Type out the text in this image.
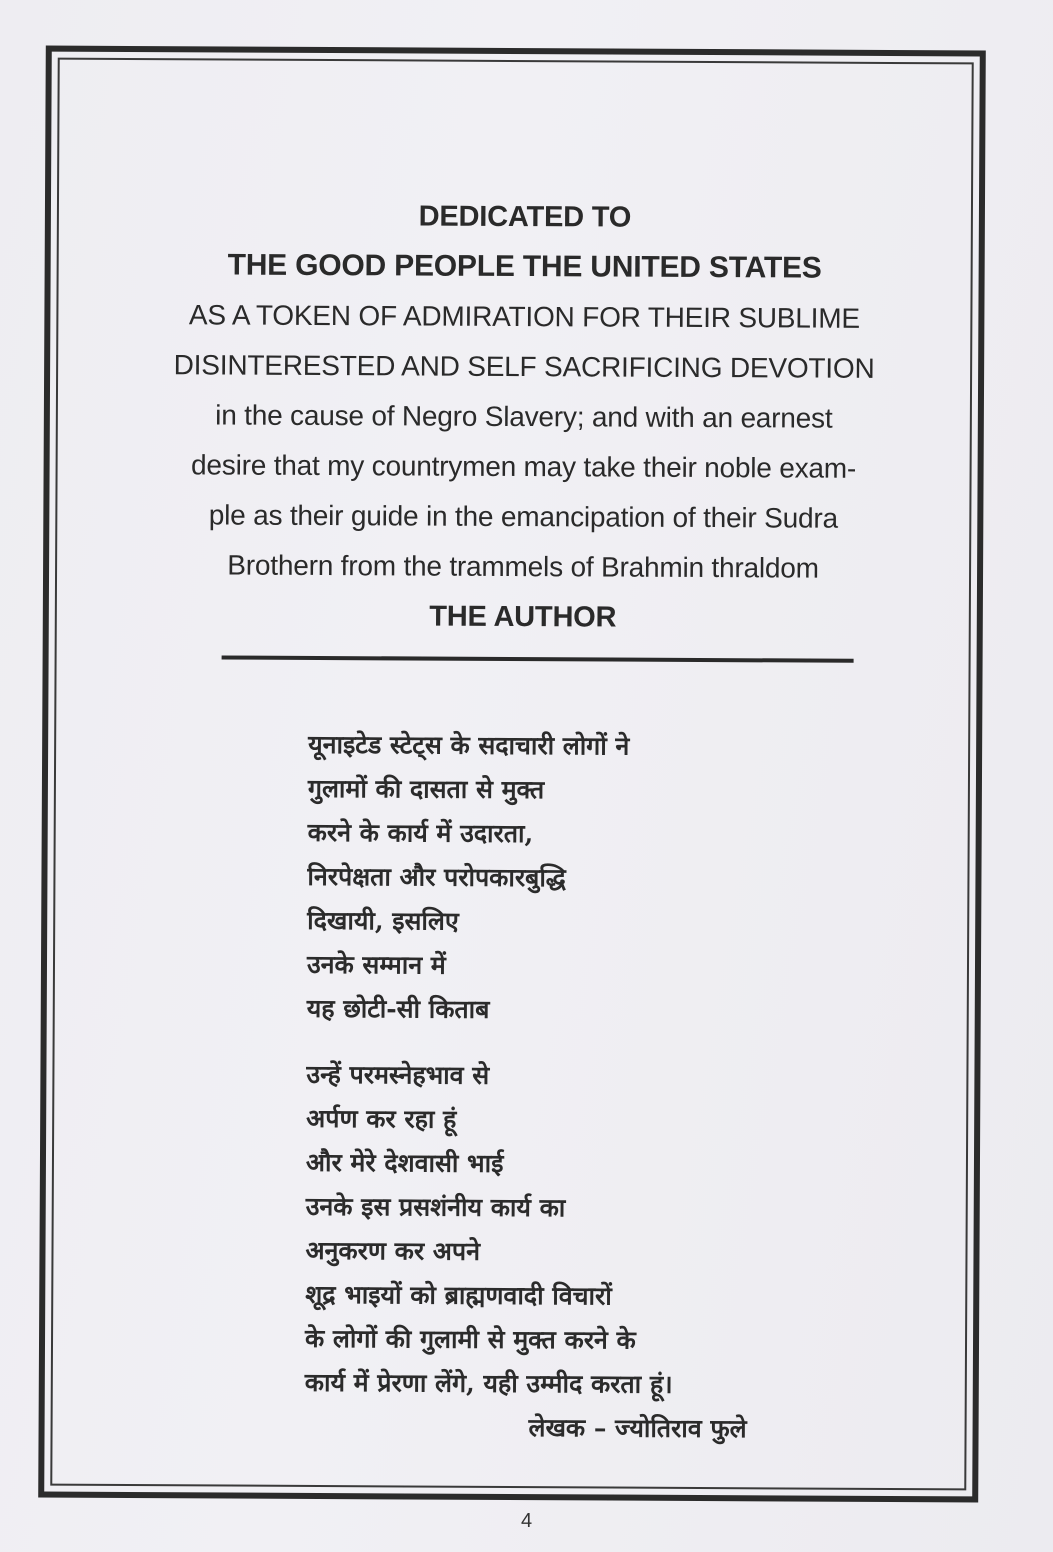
DEDICATED TO
THE GOOD PEOPLE THE UNITED STATES
AS A TOKEN OF ADMIRATION FOR THEIR SUBLIME
DISINTERESTED AND SELF SACRIFICING DEVOTION
in the cause of Negro Slavery; and with an earnest
desire that my countrymen may take their noble exam-
ple as their guide in the emancipation of their Sudra
Brothern from the trammels of Brahmin thraldom
THE AUTHOR
यूनाइटेड स्टेट्स के सदाचारी लोगों ने
गुलामों की दासता से मुक्त
करने के कार्य में उदारता,
निरपेक्षता और परोपकारबुद्धि
दिखायी, इसलिए
उनके सम्मान में
यह छोटी-सी किताब
उन्हें परमस्नेहभाव से
अर्पण कर रहा हूं
और मेरे देशवासी भाई
उनके इस प्रसशंनीय कार्य का
अनुकरण कर अपने
शूद्र भाइयों को ब्राह्मणवादी विचारों
के लोगों की गुलामी से मुक्त करने के
कार्य में प्रेरणा लेंगे, यही उम्मीद करता हूं।
लेखक – ज्योतिराव फुले
4
